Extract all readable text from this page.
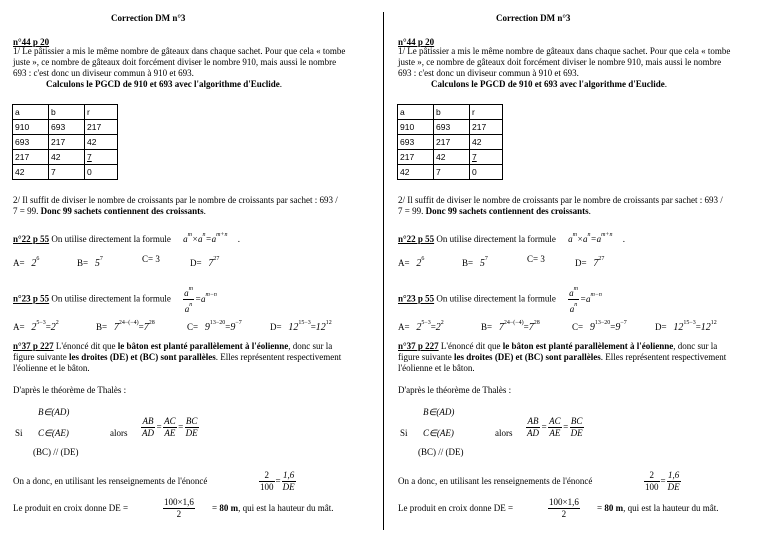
Correction DM n°3
n°44 p 20
1/ Le pâtissier a mis le même nombre de gâteaux dans chaque sachet. Pour que cela « tombe
juste », ce nombre de gâteaux doit forcément diviser le nombre 910, mais aussi le nombre
693 : c'est donc un diviseur commun à 910 et 693.
Calculons le PGCD de 910 et 693 avec l'algorithme d'Euclide.
a	b	r
910	693	217
693	217	42
217	42	7
42	7	0
2/ Il suffit de diviser le nombre de croissants par le nombre de croissants par sachet : 693 /
7 = 99. Donc 99 sachets contiennent des croissants.
n°22 p 55 On utilise directement la formule $a^m\times a^n=a^{m+n}$ .
$A= 2^6$	$B= 5^7$	C= 3	$D= 7^{27}$
n°23 p 55 On utilise directement la formule $\frac{a^m}{a^n} =a^{m-n}$
$A= 2^{5-3}=2^2$	$B= 7^{24-(-4)}=7^{28}$	$C= 9^{13-20}=9^{-7}$	$D= 12^{15-3}=12^{12}$
n°37 p 227 L'énoncé dit que le bâton est planté parallèlement à l'éolienne, donc sur la
figure suivante les droites (DE) et (BC) sont parallèles. Elles représentent respectivement
l'éolienne et le bâton.
D'après le théorème de Thalès :
B∈(AD)
Si C∈(AE)
(BC) // (DE)
alors $\frac{AB}{AD} = \frac{AC}{AE} = \frac{BC}{DE}$
On a donc, en utilisant les renseignements de l'énoncé	$\frac{2}{100} = \frac{1,6}{DE}$
Le produit en croix donne DE =	$\frac{100\times 1,6}{2} = 80$ m, qui est la hauteur du mât.
Correction DM n°3
n°44 p 20
1/ Le pâtissier a mis le même nombre de gâteaux dans chaque sachet. Pour que cela « tombe
juste », ce nombre de gâteaux doit forcément diviser le nombre 910, mais aussi le nombre
693 : c'est donc un diviseur commun à 910 et 693.
Calculons le PGCD de 910 et 693 avec l'algorithme d'Euclide.
a	b	r
910	693	217
693	217	42
217	42	7
42	7	0
2/ Il suffit de diviser le nombre de croissants par le nombre de croissants par sachet : 693 /
7 = 99. Donc 99 sachets contiennent des croissants.
n°22 p 55 On utilise directement la formule $a^m\times a^n=a^{m+n}$ .
$A= 2^6$	$B= 5^7$	C= 3	$D= 7^{27}$
n°23 p 55 On utilise directement la formule $\frac{a^m}{a^n} =a^{m-n}$
$A= 2^{5-3}=2^2$	$B= 7^{24-(-4)}=7^{28}$	$C= 9^{13-20}=9^{-7}$	$D= 12^{15-3}=12^{12}$
n°37 p 227 L'énoncé dit que le bâton est planté parallèlement à l'éolienne, donc sur la
figure suivante les droites (DE) et (BC) sont parallèles. Elles représentent respectivement
l'éolienne et le bâton.
D'après le théorème de Thalès :
B∈(AD)
Si C∈(AE)
(BC) // (DE)
alors $\frac{AB}{AD} = \frac{AC}{AE} = \frac{BC}{DE}$
On a donc, en utilisant les renseignements de l'énoncé	$\frac{2}{100} = \frac{1,6}{DE}$
Le produit en croix donne DE =	$\frac{100\times 1,6}{2} = 80$ m, qui est la hauteur du mât.
